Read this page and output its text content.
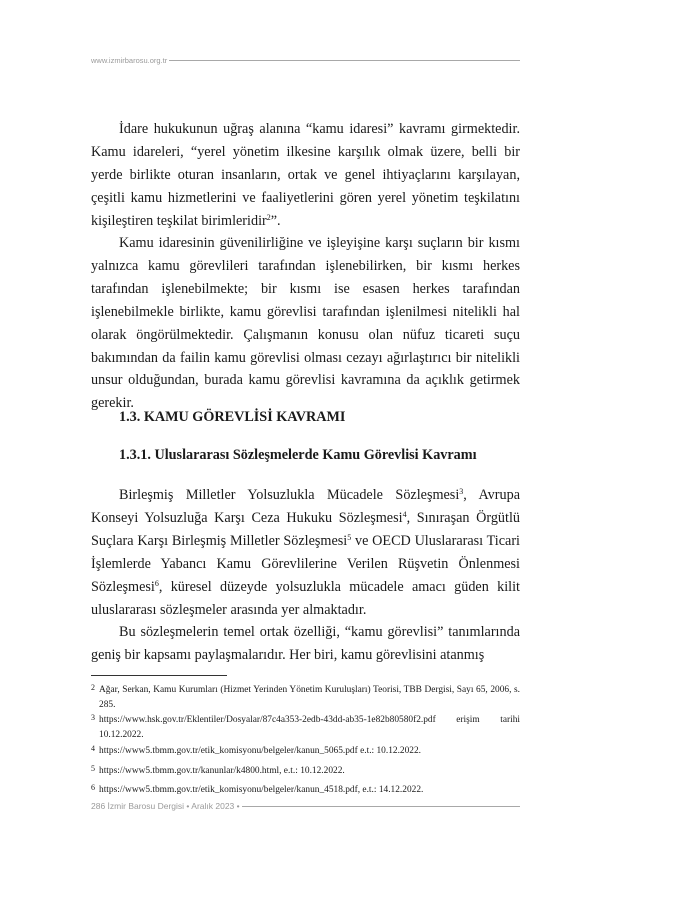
www.izmirbarosu.org.tr

İdare hukukunun uğraş alanına “kamu idaresi” kavramı girmektedir. Kamu idareleri, “yerel yönetim ilkesine karşılık olmak üzere, belli bir yerde birlikte oturan insanların, ortak ve genel ihtiyaçlarını karşılayan, çeşitli kamu hizmetlerini ve faaliyetlerini gören yerel yönetim teşkilatını kişileştiren teşkilat birimleridir$^2$”.

Kamu idaresinin güvenilirliğine ve işleyişine karşı suçların bir kısmı yalnızca kamu görevlileri tarafından işlenebilirken, bir kısmı herkes tarafından işlenebilmekte; bir kısmı ise esasen herkes tarafından işlenebilmekle birlikte, kamu görevlisi tarafından işlenilmesi nitelikli hal olarak öngörülmektedir. Çalışmanın konusu olan nüfuz ticareti suçu bakımından da failin kamu görevlisi olması cezayı ağırlaştırıcı bir nitelikli unsur olduğundan, burada kamu görevlisi kavramına da açıklık getirmek gerekir.

1.3. KAMU GÖREVLİSİ KAVRAMI

1.3.1. Uluslararası Sözleşmelerde Kamu Görevlisi Kavramı

Birleşmiş Milletler Yolsuzlukla Mücadele Sözleşmesi$^3$, Avrupa Konseyi Yolsuzluğa Karşı Ceza Hukuku Sözleşmesi$^4$, Sınıraşan Örgütlü Suçlara Karşı Birleşmiş Milletler Sözleşmesi$^5$ ve OECD Uluslararası Ticari İşlemlerde Yabancı Kamu Görevlilerine Verilen Rüşvetin Önlenmesi Sözleşmesi$^6$, küresel düzeyde yolsuzlukla mücadele amacı güden kilit uluslararası sözleşmeler arasında yer almaktadır.

Bu sözleşmelerin temel ortak özelliği, “kamu görevlisi” tanımlarında geniş bir kapsamı paylaşmalarıdır. Her biri, kamu görevlisini atanmış

2 Ağar, Serkan, Kamu Kurumları (Hizmet Yerinden Yönetim Kuruluşları) Teorisi, TBB Dergisi, Sayı 65, 2006, s. 285.
3 https://www.hsk.gov.tr/Eklentiler/Dosyalar/87c4a353-2edb-43dd-ab35-1e82b80580f2.pdf erişim tarihi 10.12.2022.
4 https://www5.tbmm.gov.tr/etik_komisyonu/belgeler/kanun_5065.pdf e.t.: 10.12.2022.
5 https://www5.tbmm.gov.tr/kanunlar/k4800.html, e.t.: 10.12.2022.
6 https://www5.tbmm.gov.tr/etik_komisyonu/belgeler/kanun_4518.pdf, e.t.: 14.12.2022.
286 İzmir Barosu Dergisi • Aralık 2023 •
